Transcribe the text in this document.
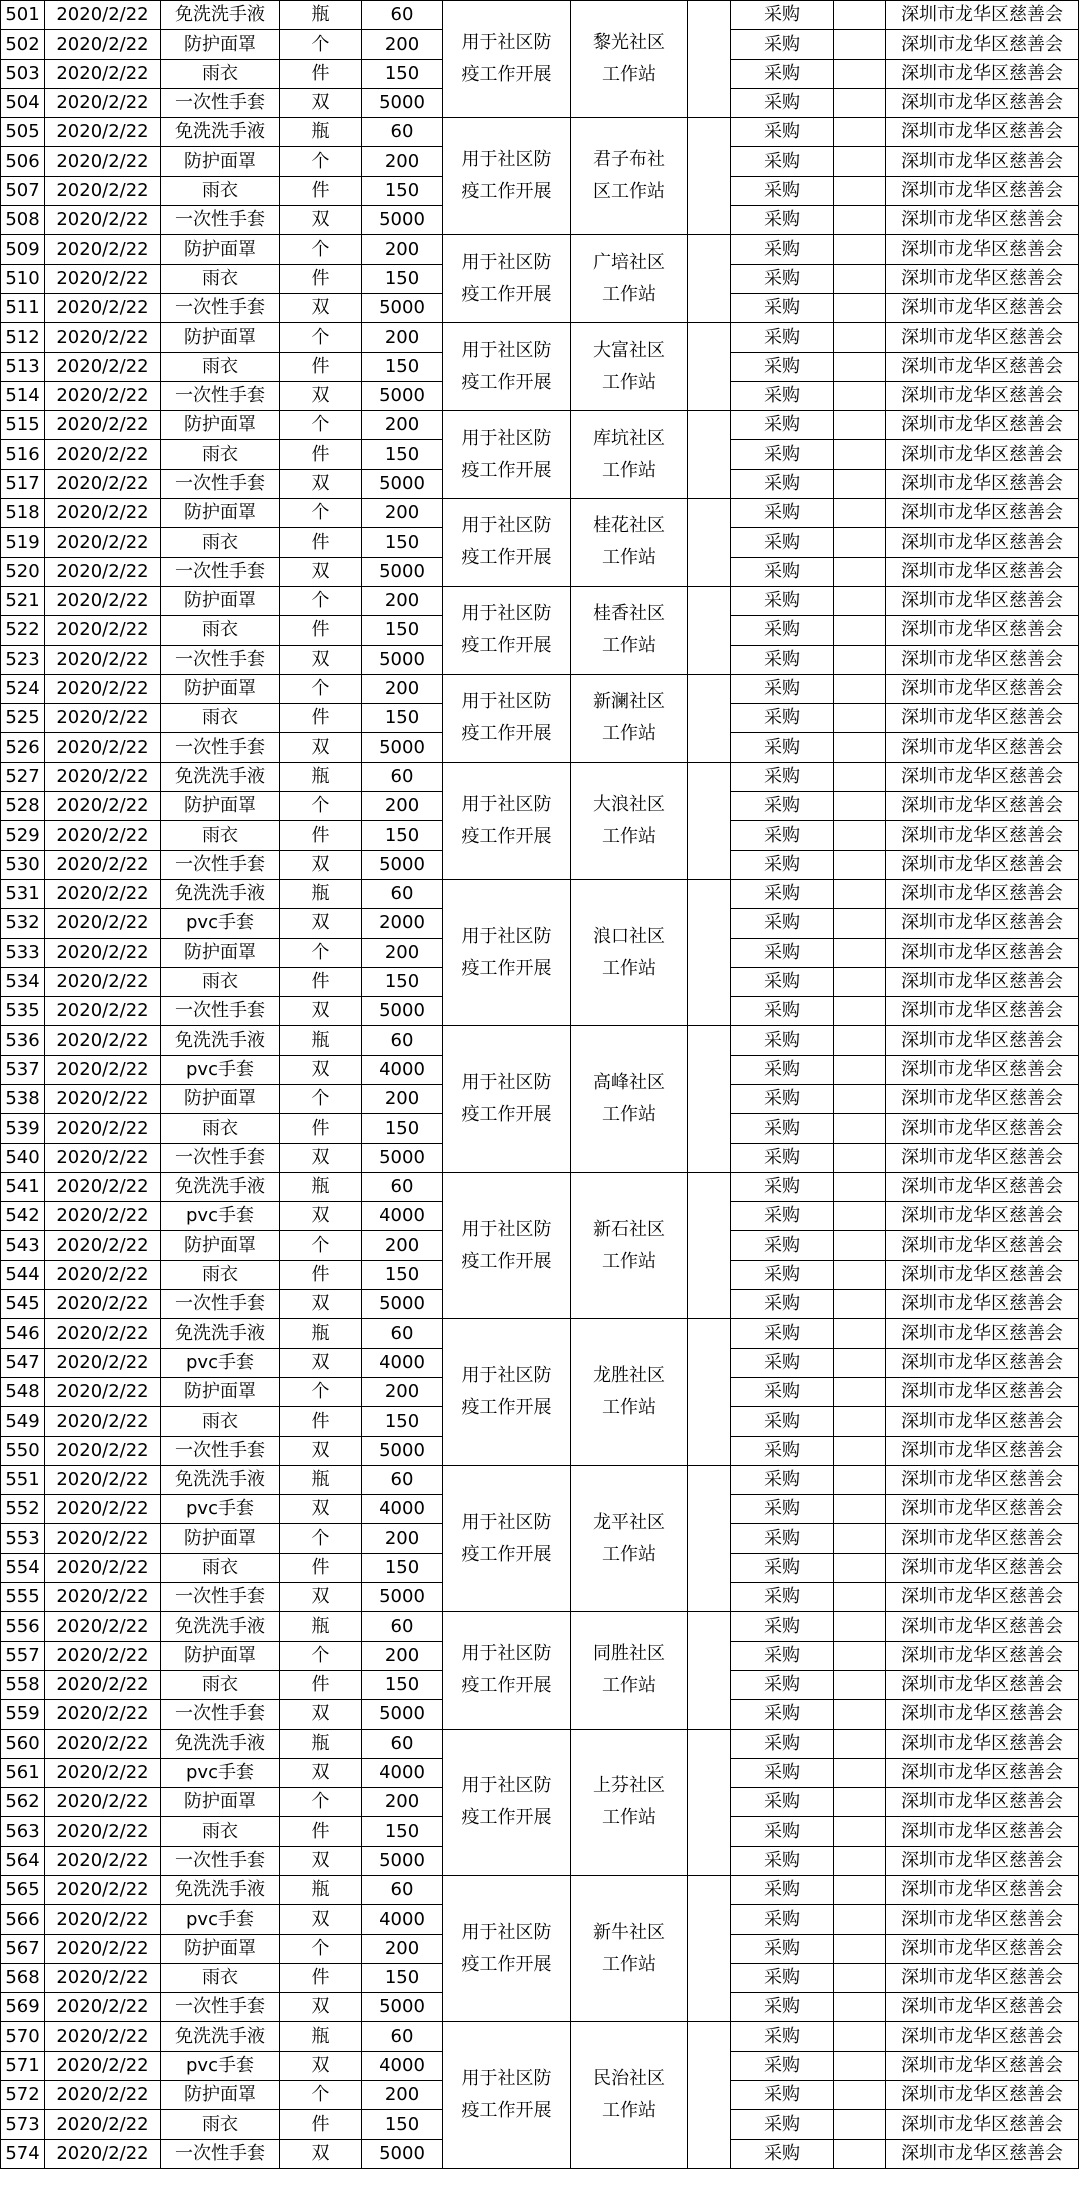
501	2020/2/22	免洗洗手液	瓶	60	用于社区防疫工作开展	黎光社区工作站		采购		深圳市龙华区慈善会
502	2020/2/22	防护面罩	个	200				采购		深圳市龙华区慈善会
503	2020/2/22	雨衣	件	150				采购		深圳市龙华区慈善会
504	2020/2/22	一次性手套	双	5000				采购		深圳市龙华区慈善会
505	2020/2/22	免洗洗手液	瓶	60	用于社区防疫工作开展	君子布社区工作站		采购		深圳市龙华区慈善会
506	2020/2/22	防护面罩	个	200				采购		深圳市龙华区慈善会
507	2020/2/22	雨衣	件	150				采购		深圳市龙华区慈善会
508	2020/2/22	一次性手套	双	5000				采购		深圳市龙华区慈善会
509	2020/2/22	防护面罩	个	200	用于社区防疫工作开展	广培社区工作站		采购		深圳市龙华区慈善会
510	2020/2/22	雨衣	件	150				采购		深圳市龙华区慈善会
511	2020/2/22	一次性手套	双	5000				采购		深圳市龙华区慈善会
512	2020/2/22	防护面罩	个	200	用于社区防疫工作开展	大富社区工作站		采购		深圳市龙华区慈善会
513	2020/2/22	雨衣	件	150				采购		深圳市龙华区慈善会
514	2020/2/22	一次性手套	双	5000				采购		深圳市龙华区慈善会
515	2020/2/22	防护面罩	个	200	用于社区防疫工作开展	库坑社区工作站		采购		深圳市龙华区慈善会
516	2020/2/22	雨衣	件	150				采购		深圳市龙华区慈善会
517	2020/2/22	一次性手套	双	5000				采购		深圳市龙华区慈善会
518	2020/2/22	防护面罩	个	200	用于社区防疫工作开展	桂花社区工作站		采购		深圳市龙华区慈善会
519	2020/2/22	雨衣	件	150				采购		深圳市龙华区慈善会
520	2020/2/22	一次性手套	双	5000				采购		深圳市龙华区慈善会
521	2020/2/22	防护面罩	个	200	用于社区防疫工作开展	桂香社区工作站		采购		深圳市龙华区慈善会
522	2020/2/22	雨衣	件	150				采购		深圳市龙华区慈善会
523	2020/2/22	一次性手套	双	5000				采购		深圳市龙华区慈善会
524	2020/2/22	防护面罩	个	200	用于社区防疫工作开展	新澜社区工作站		采购		深圳市龙华区慈善会
525	2020/2/22	雨衣	件	150				采购		深圳市龙华区慈善会
526	2020/2/22	一次性手套	双	5000				采购		深圳市龙华区慈善会
527	2020/2/22	免洗洗手液	瓶	60	用于社区防疫工作开展	大浪社区工作站		采购		深圳市龙华区慈善会
528	2020/2/22	防护面罩	个	200				采购		深圳市龙华区慈善会
529	2020/2/22	雨衣	件	150				采购		深圳市龙华区慈善会
530	2020/2/22	一次性手套	双	5000				采购		深圳市龙华区慈善会
531	2020/2/22	免洗洗手液	瓶	60	用于社区防疫工作开展	浪口社区工作站		采购		深圳市龙华区慈善会
532	2020/2/22	pvc手套	双	2000				采购		深圳市龙华区慈善会
533	2020/2/22	防护面罩	个	200				采购		深圳市龙华区慈善会
534	2020/2/22	雨衣	件	150				采购		深圳市龙华区慈善会
535	2020/2/22	一次性手套	双	5000				采购		深圳市龙华区慈善会
536	2020/2/22	免洗洗手液	瓶	60	用于社区防疫工作开展	高峰社区工作站		采购		深圳市龙华区慈善会
537	2020/2/22	pvc手套	双	4000				采购		深圳市龙华区慈善会
538	2020/2/22	防护面罩	个	200				采购		深圳市龙华区慈善会
539	2020/2/22	雨衣	件	150				采购		深圳市龙华区慈善会
540	2020/2/22	一次性手套	双	5000				采购		深圳市龙华区慈善会
541	2020/2/22	免洗洗手液	瓶	60	用于社区防疫工作开展	新石社区工作站		采购		深圳市龙华区慈善会
542	2020/2/22	pvc手套	双	4000				采购		深圳市龙华区慈善会
543	2020/2/22	防护面罩	个	200				采购		深圳市龙华区慈善会
544	2020/2/22	雨衣	件	150				采购		深圳市龙华区慈善会
545	2020/2/22	一次性手套	双	5000				采购		深圳市龙华区慈善会
546	2020/2/22	免洗洗手液	瓶	60	用于社区防疫工作开展	龙胜社区工作站		采购		深圳市龙华区慈善会
547	2020/2/22	pvc手套	双	4000				采购		深圳市龙华区慈善会
548	2020/2/22	防护面罩	个	200				采购		深圳市龙华区慈善会
549	2020/2/22	雨衣	件	150				采购		深圳市龙华区慈善会
550	2020/2/22	一次性手套	双	5000				采购		深圳市龙华区慈善会
551	2020/2/22	免洗洗手液	瓶	60	用于社区防疫工作开展	龙平社区工作站		采购		深圳市龙华区慈善会
552	2020/2/22	pvc手套	双	4000				采购		深圳市龙华区慈善会
553	2020/2/22	防护面罩	个	200				采购		深圳市龙华区慈善会
554	2020/2/22	雨衣	件	150				采购		深圳市龙华区慈善会
555	2020/2/22	一次性手套	双	5000				采购		深圳市龙华区慈善会
556	2020/2/22	免洗洗手液	瓶	60	用于社区防疫工作开展	同胜社区工作站		采购		深圳市龙华区慈善会
557	2020/2/22	防护面罩	个	200				采购		深圳市龙华区慈善会
558	2020/2/22	雨衣	件	150				采购		深圳市龙华区慈善会
559	2020/2/22	一次性手套	双	5000				采购		深圳市龙华区慈善会
560	2020/2/22	免洗洗手液	瓶	60	用于社区防疫工作开展	上芬社区工作站		采购		深圳市龙华区慈善会
561	2020/2/22	pvc手套	双	4000				采购		深圳市龙华区慈善会
562	2020/2/22	防护面罩	个	200				采购		深圳市龙华区慈善会
563	2020/2/22	雨衣	件	150				采购		深圳市龙华区慈善会
564	2020/2/22	一次性手套	双	5000				采购		深圳市龙华区慈善会
565	2020/2/22	免洗洗手液	瓶	60	用于社区防疫工作开展	新牛社区工作站		采购		深圳市龙华区慈善会
566	2020/2/22	pvc手套	双	4000				采购		深圳市龙华区慈善会
567	2020/2/22	防护面罩	个	200				采购		深圳市龙华区慈善会
568	2020/2/22	雨衣	件	150				采购		深圳市龙华区慈善会
569	2020/2/22	一次性手套	双	5000				采购		深圳市龙华区慈善会
570	2020/2/22	免洗洗手液	瓶	60	用于社区防疫工作开展	民治社区工作站		采购		深圳市龙华区慈善会
571	2020/2/22	pvc手套	双	4000				采购		深圳市龙华区慈善会
572	2020/2/22	防护面罩	个	200				采购		深圳市龙华区慈善会
573	2020/2/22	雨衣	件	150				采购		深圳市龙华区慈善会
574	2020/2/22	一次性手套	双	5000				采购		深圳市龙华区慈善会
